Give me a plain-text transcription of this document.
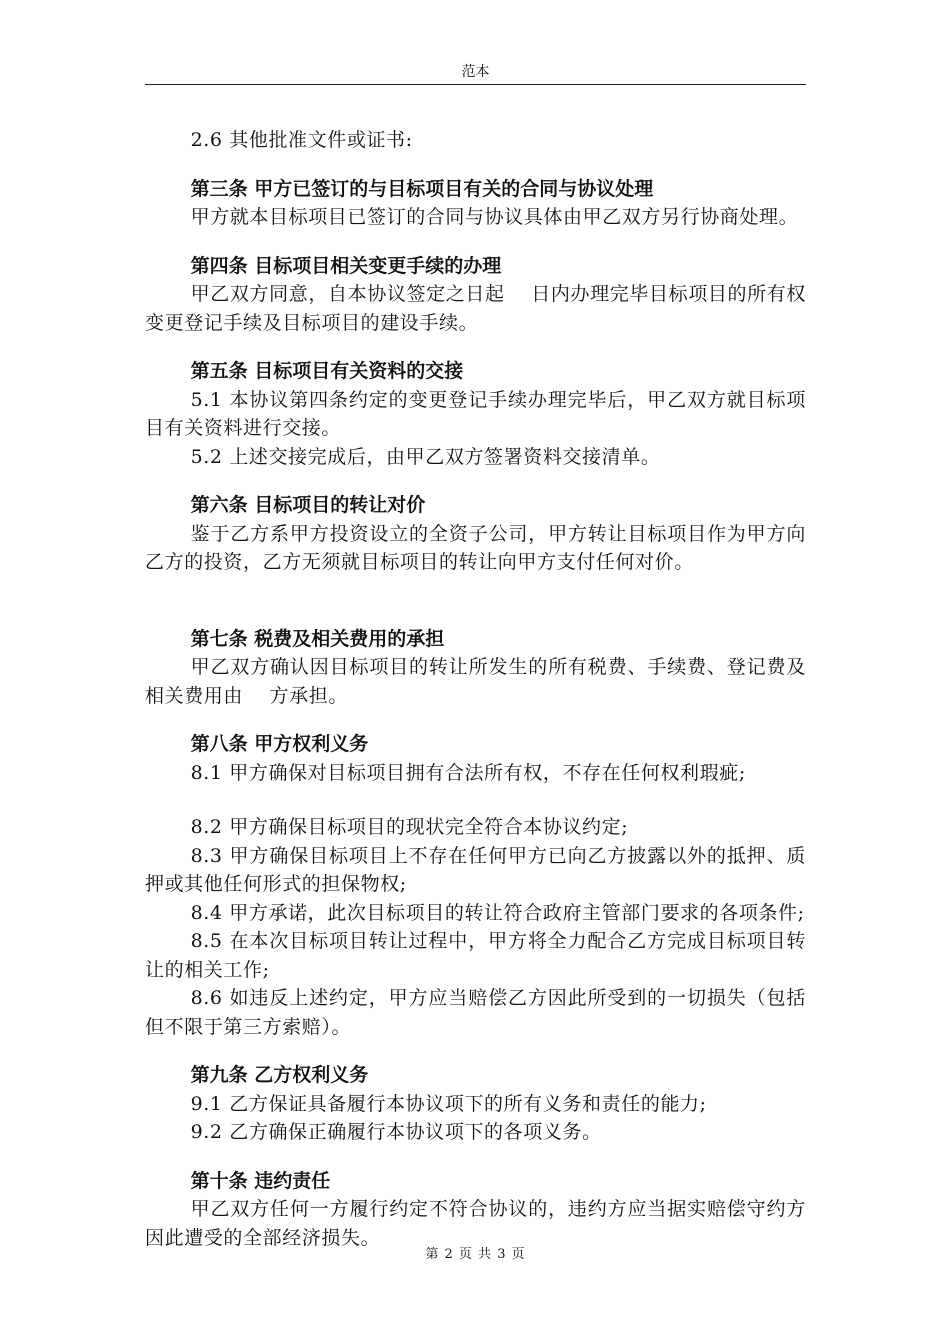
范本
2.6 其他批准文件或证书:
第三条 甲方已签订的与目标项目有关的合同与协议处理
甲方就本目标项目已签订的合同与协议具体由甲乙双方另行协商处理。
第四条 目标项目相关变更手续的办理
甲乙双方同意，自本协议签定之日起    日内办理完毕目标项目的所有权变更登记手续及目标项目的建设手续。
第五条 目标项目有关资料的交接
5.1 本协议第四条约定的变更登记手续办理完毕后，甲乙双方就目标项目有关资料进行交接。
5.2 上述交接完成后，由甲乙双方签署资料交接清单。
第六条 目标项目的转让对价
鉴于乙方系甲方投资设立的全资子公司，甲方转让目标项目作为甲方向乙方的投资，乙方无须就目标项目的转让向甲方支付任何对价。
第七条 税费及相关费用的承担
甲乙双方确认因目标项目的转让所发生的所有税费、手续费、登记费及相关费用由    方承担。
第八条 甲方权利义务
8.1 甲方确保对目标项目拥有合法所有权，不存在任何权利瑕疵;
8.2 甲方确保目标项目的现状完全符合本协议约定;
8.3 甲方确保目标项目上不存在任何甲方已向乙方披露以外的抵押、质押或其他任何形式的担保物权;
8.4 甲方承诺，此次目标项目的转让符合政府主管部门要求的各项条件;
8.5 在本次目标项目转让过程中，甲方将全力配合乙方完成目标项目转让的相关工作;
8.6 如违反上述约定，甲方应当赔偿乙方因此所受到的一切损失（包括但不限于第三方索赔）。
第九条 乙方权利义务
9.1 乙方保证具备履行本协议项下的所有义务和责任的能力;
9.2 乙方确保正确履行本协议项下的各项义务。
第十条 违约责任
甲乙双方任何一方履行约定不符合协议的，违约方应当据实赔偿守约方因此遭受的全部经济损失。
第 2 页 共 3 页
